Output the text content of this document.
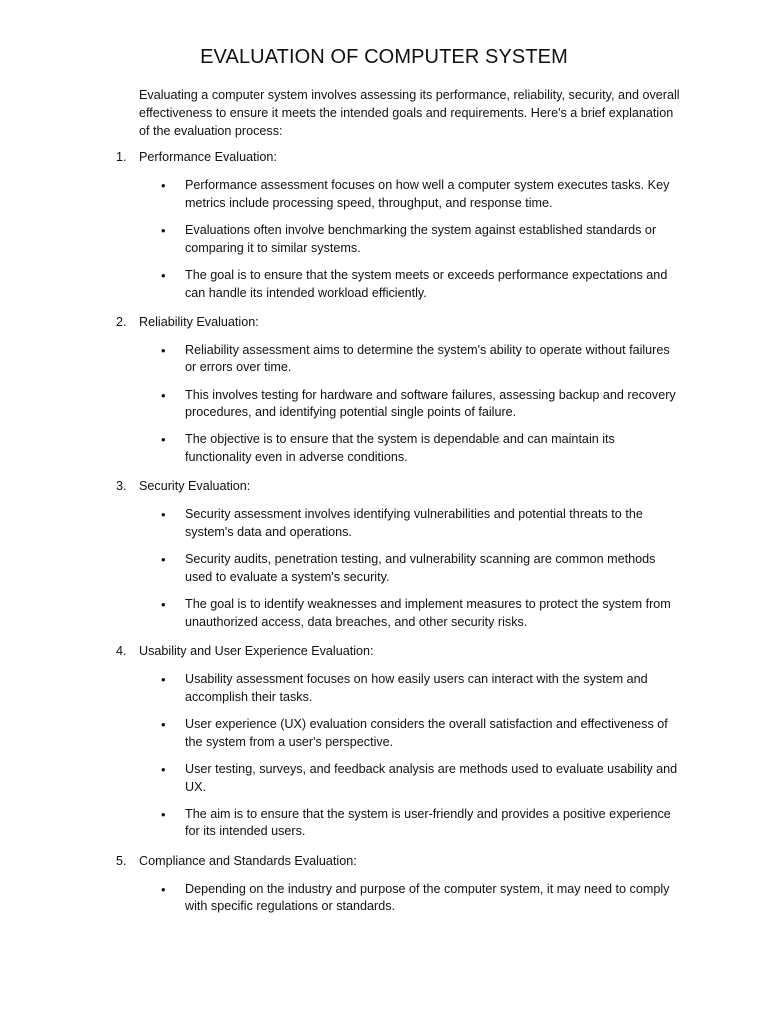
EVALUATION OF COMPUTER SYSTEM

Evaluating a computer system involves assessing its performance, reliability, security, and overall effectiveness to ensure it meets the intended goals and requirements. Here's a brief explanation of the evaluation process:

1. Performance Evaluation:
• Performance assessment focuses on how well a computer system executes tasks. Key metrics include processing speed, throughput, and response time.
• Evaluations often involve benchmarking the system against established standards or comparing it to similar systems.
• The goal is to ensure that the system meets or exceeds performance expectations and can handle its intended workload efficiently.
2. Reliability Evaluation:
• Reliability assessment aims to determine the system's ability to operate without failures or errors over time.
• This involves testing for hardware and software failures, assessing backup and recovery procedures, and identifying potential single points of failure.
• The objective is to ensure that the system is dependable and can maintain its functionality even in adverse conditions.
3. Security Evaluation:
• Security assessment involves identifying vulnerabilities and potential threats to the system's data and operations.
• Security audits, penetration testing, and vulnerability scanning are common methods used to evaluate a system's security.
• The goal is to identify weaknesses and implement measures to protect the system from unauthorized access, data breaches, and other security risks.
4. Usability and User Experience Evaluation:
• Usability assessment focuses on how easily users can interact with the system and accomplish their tasks.
• User experience (UX) evaluation considers the overall satisfaction and effectiveness of the system from a user's perspective.
• User testing, surveys, and feedback analysis are methods used to evaluate usability and UX.
• The aim is to ensure that the system is user-friendly and provides a positive experience for its intended users.
5. Compliance and Standards Evaluation:
• Depending on the industry and purpose of the computer system, it may need to comply with specific regulations or standards.
